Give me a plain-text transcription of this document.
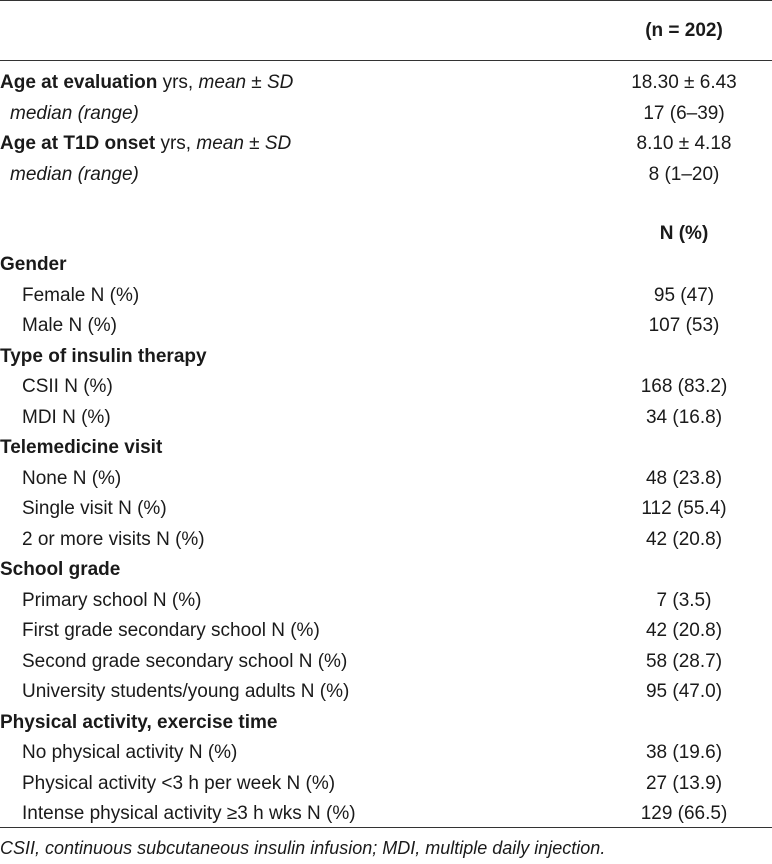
(n = 202)
Age at evaluation yrs, mean ± SD	18.30 ± 6.43
median (range)	17 (6–39)
Age at T1D onset yrs, mean ± SD	8.10 ± 4.18
median (range)	8 (1–20)
N (%)
Gender
Female N (%)	95 (47)
Male N (%)	107 (53)
Type of insulin therapy
CSII N (%)	168 (83.2)
MDI N (%)	34 (16.8)
Telemedicine visit
None N (%)	48 (23.8)
Single visit N (%)	112 (55.4)
2 or more visits N (%)	42 (20.8)
School grade
Primary school N (%)	7 (3.5)
First grade secondary school N (%)	42 (20.8)
Second grade secondary school N (%)	58 (28.7)
University students/young adults N (%)	95 (47.0)
Physical activity, exercise time
No physical activity N (%)	38 (19.6)
Physical activity <3 h per week N (%)	27 (13.9)
Intense physical activity ≥3 h wks N (%)	129 (66.5)
CSII, continuous subcutaneous insulin infusion; MDI, multiple daily injection.
